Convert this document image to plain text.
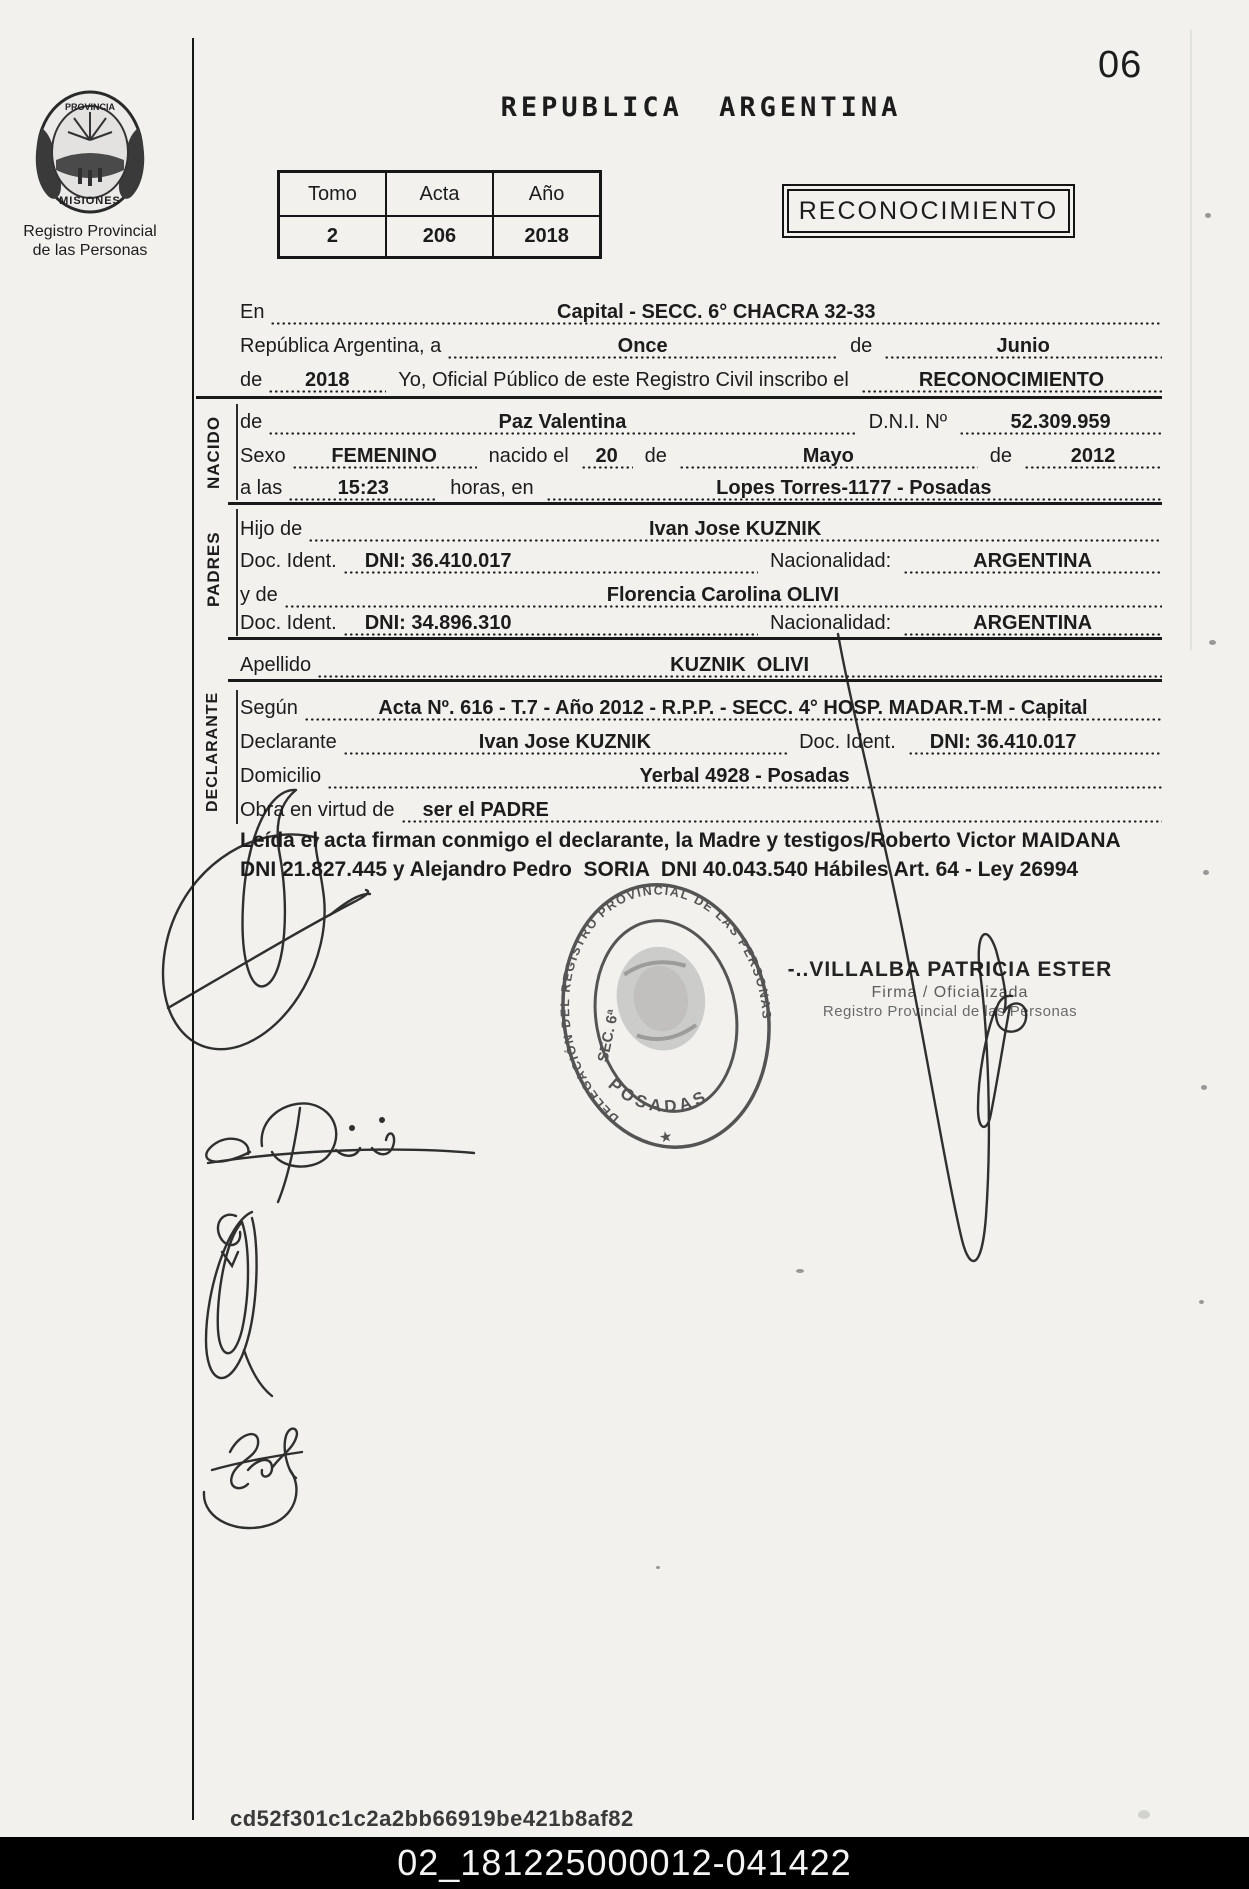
06
REPUBLICA ARGENTINA
PROVINCIA
MISIONES
Registro Provincial
de las Personas
Tomo	Acta	Año
2	206	2018
RECONOCIMIENTO
En	Capital - SECC. 6° CHACRA 32-33
República Argentina, a	Once	de	Junio
de	2018	Yo, Oficial Público de este Registro Civil inscribo el	RECONOCIMIENTO
NACIDO de	Paz Valentina	D.N.I. Nº	52.309.959
Sexo	FEMENINO	nacido el	20	de	Mayo	de	2012
a las	15:23	horas, en	Lopes Torres-1177 - Posadas
PADRES
Hijo de	Ivan Jose KUZNIK
Doc. Ident.	DNI: 36.410.017	Nacionalidad:	ARGENTINA
y de	Florencia Carolina OLIVI
Doc. Ident.	DNI: 34.896.310	Nacionalidad:	ARGENTINA
Apellido	KUZNIK  OLIVI
DECLARANTE Según	Acta Nº. 616 - T.7 - Año 2012 - R.P.P. - SECC. 4° HOSP. MADAR.T-M - Capital
Declarante	Ivan Jose KUZNIK	Doc. Ident.	DNI: 36.410.017
Domicilio	Yerbal 4928 - Posadas
Obra en virtud de	ser el PADRE
Leída el acta firman conmigo el declarante, la Madre y testigos/Roberto Victor MAIDANA  DNI 21.827.445 y Alejandro Pedro  SORIA  DNI 40.043.540 Hábiles Art. 64 - Ley 26994
-..VILLALBA PATRICIA ESTER
Firma / Oficializada
Registro Provincial de las Personas
DELEGACIÓN DEL REGISTRO PROVINCIAL DE LAS PERSONAS
SEC. 6ª
POSADAS
★
cd52f301c1c2a2bb66919be421b8af82
02_181225000012-041422
